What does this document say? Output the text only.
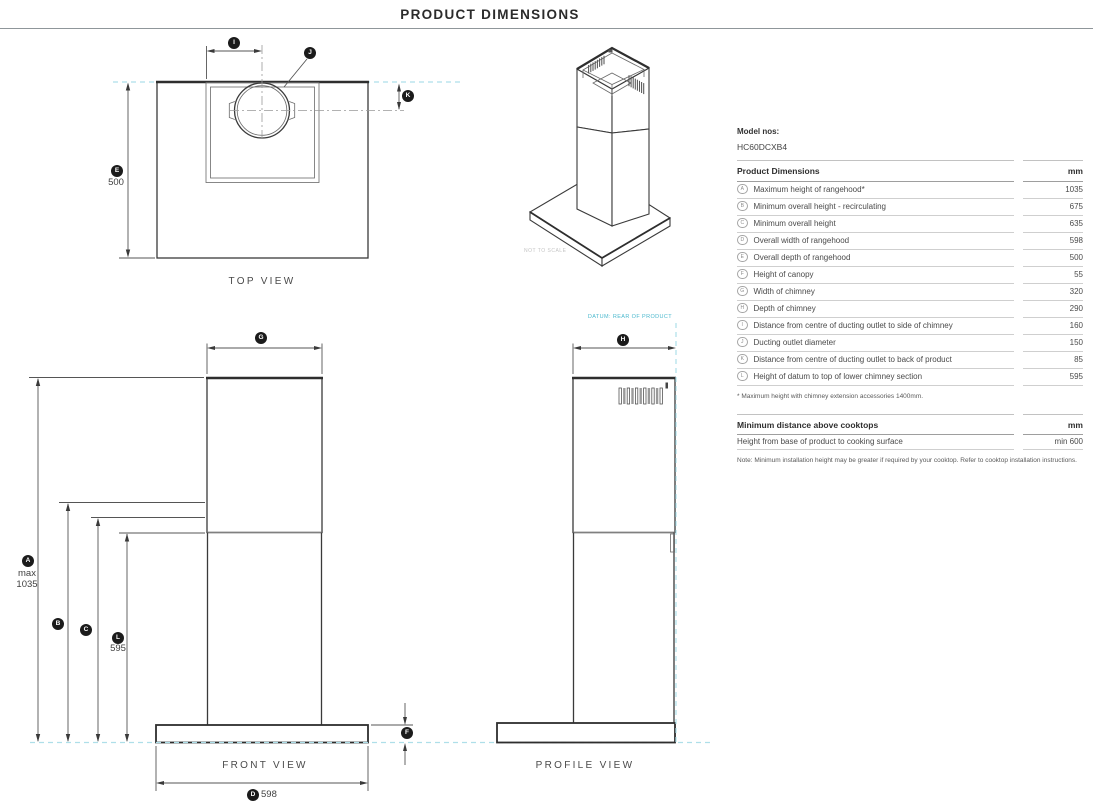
PRODUCT DIMENSIONS
I
J
K
E
G	H
A
B
C
L
F
D
500
max
1035
595
598
TOP VIEW
FRONT VIEW	PROFILE VIEW
DATUM: REAR OF PRODUCT
NOT TO SCALE
Model nos:
HC60DCXB4
Product Dimensions	mm
A	Maximum height of rangehood*	1035
B	Minimum overall height - recirculating	675
C	Minimum overall height	635
D	Overall width of rangehood	598
E	Overall depth of rangehood	500
F	Height of canopy	55
G	Width of chimney	320
H	Depth of chimney	290
I	Distance from centre of ducting outlet to side of chimney	160
J	Ducting outlet diameter	150
K	Distance from centre of ducting outlet to back of product	85
L	Height of datum to top of lower chimney section	595
* Maximum height with chimney extension accessories 1400mm.
Minimum distance above cooktops	mm
Height from base of product to cooking surface	min 600
Note: Minimum installation height may be greater if required by your cooktop. Refer to cooktop installation instructions.
